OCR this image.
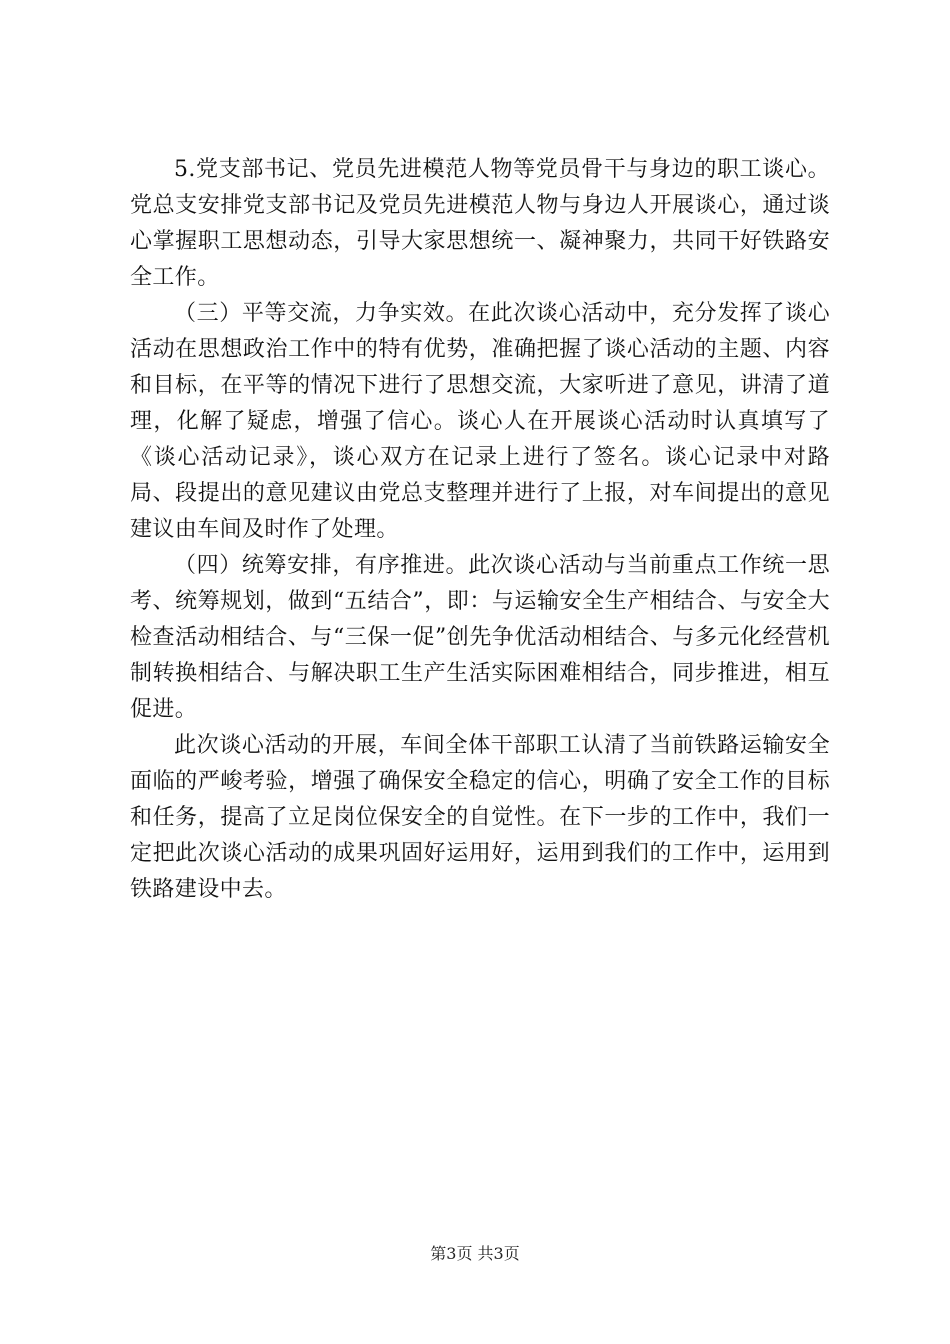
5.党支部书记、党员先进模范人物等党员骨干与身边的职工谈心。党总支安排党支部书记及党员先进模范人物与身边人开展谈心，通过谈心掌握职工思想动态，引导大家思想统一、凝神聚力，共同干好铁路安全工作。

（三）平等交流，力争实效。在此次谈心活动中，充分发挥了谈心活动在思想政治工作中的特有优势，准确把握了谈心活动的主题、内容和目标，在平等的情况下进行了思想交流，大家听进了意见，讲清了道理，化解了疑虑，增强了信心。谈心人在开展谈心活动时认真填写了《谈心活动记录》，谈心双方在记录上进行了签名。谈心记录中对路局、段提出的意见建议由党总支整理并进行了上报，对车间提出的意见建议由车间及时作了处理。

（四）统筹安排，有序推进。此次谈心活动与当前重点工作统一思考、统筹规划，做到“五结合”，即：与运输安全生产相结合、与安全大检查活动相结合、与“三保一促”创先争优活动相结合、与多元化经营机制转换相结合、与解决职工生产生活实际困难相结合，同步推进，相互促进。

此次谈心活动的开展，车间全体干部职工认清了当前铁路运输安全面临的严峻考验，增强了确保安全稳定的信心，明确了安全工作的目标和任务，提高了立足岗位保安全的自觉性。在下一步的工作中，我们一定把此次谈心活动的成果巩固好运用好，运用到我们的工作中，运用到铁路建设中去。

第3页 共3页
